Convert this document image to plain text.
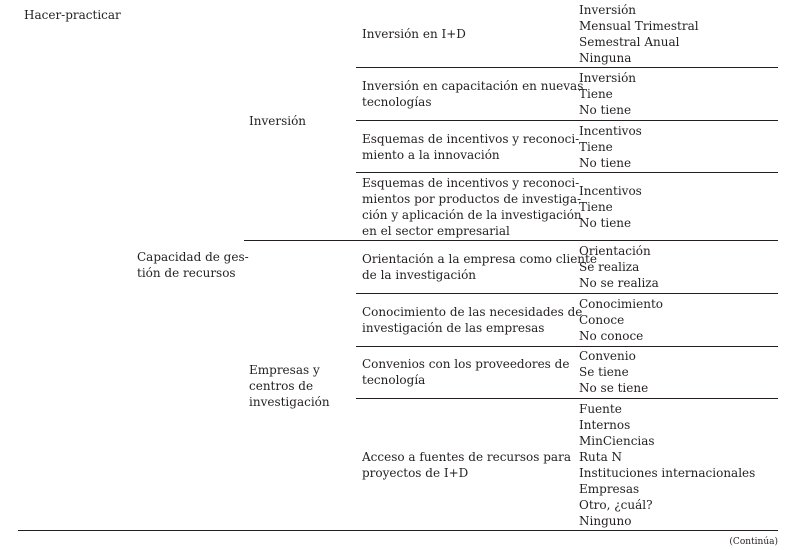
Hacer-practicar
Capacidad de ges-
tión de recursos
Inversión
Empresas y
centros de
investigación
Inversión en I+D
Inversión
Mensual Trimestral
Semestral Anual
Ninguna
Inversión en capacitación en nuevas
tecnologías
Inversión
Tiene
No tiene
Esquemas de incentivos y reconoci-
miento a la innovación
Incentivos
Tiene
No tiene
Esquemas de incentivos y reconoci-
mientos por productos de investiga-
ción y aplicación de la investigación
en el sector empresarial
Incentivos
Tiene
No tiene
Orientación a la empresa como cliente
de la investigación
Orientación
Se realiza
No se realiza
Conocimiento de las necesidades de
investigación de las empresas
Conocimiento
Conoce
No conoce
Convenios con los proveedores de
tecnología
Convenio
Se tiene
No se tiene
Acceso a fuentes de recursos para
proyectos de I+D
Fuente
Internos
MinCiencias
Ruta N
Instituciones internacionales
Empresas
Otro, ¿cuál?
Ninguno
(Continúa)
